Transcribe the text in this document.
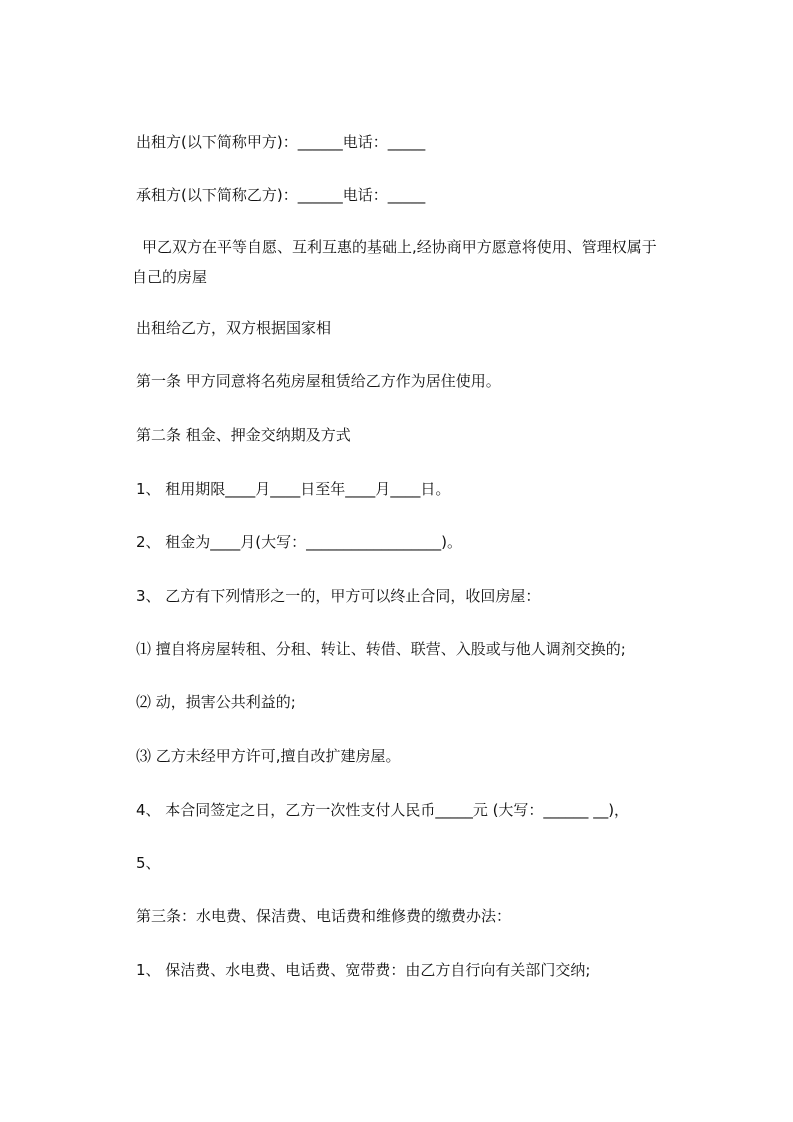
出租方(以下简称甲方)：______电话：_____
承租方(以下简称乙方)：______电话：_____
甲乙双方在平等自愿、互利互惠的基础上,经协商甲方愿意将使用、管理权属于
自己的房屋
出租给乙方，双方根据国家相
第一条 甲方同意将名苑房屋租赁给乙方作为居住使用。
第二条 租金、押金交纳期及方式
1、 租用期限____月____日至年____月____日。
2、 租金为____月(大写：__________________)。
3、 乙方有下列情形之一的，甲方可以终止合同，收回房屋：
⑴ 擅自将房屋转租、分租、转让、转借、联营、入股或与他人调剂交换的;
⑵ 动，损害公共利益的;
⑶ 乙方未经甲方许可,擅自改扩建房屋。
4、 本合同签定之日，乙方一次性支付人民币_____元 (大写：______ __)，
5、
第三条：水电费、保洁费、电话费和维修费的缴费办法：
1、 保洁费、水电费、电话费、宽带费：由乙方自行向有关部门交纳;
